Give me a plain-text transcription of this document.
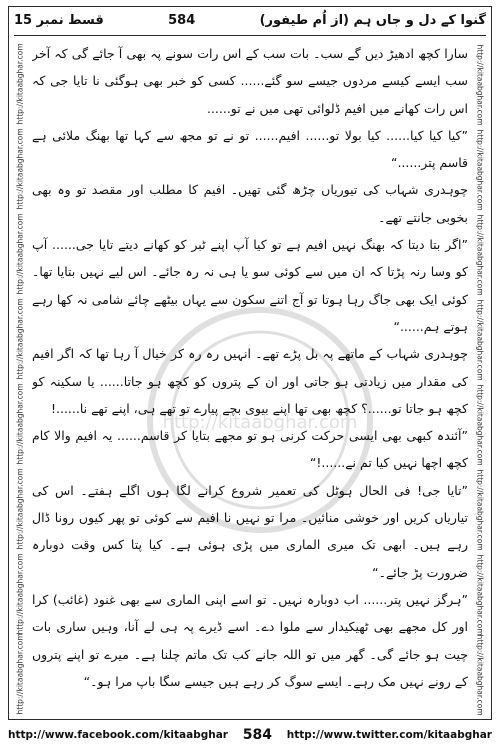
قسط نمبر 15	584	گنوا کے دل و جاں ہم (از اُم طیفور)

سارا کچھ ادھیڑ دیں گے سب۔ بات سب کے اس رات سونے پہ بھی آ جائے گی کہ آخر سب ایسے کیسے مردوں جیسے سو گئے...... کسی کو خبر بھی ہوگئی نا تایا جی کہ اس رات کھانے میں افیم ڈلوائی تھی میں نے تو......

”کیا کیا کیا...... کیا بولا تو...... افیم...... تو نے تو مجھ سے کہا تھا بھنگ ملائی ہے قاسم پتر......“

چوہدری شہاب کی تیوریاں چڑھ گئی تھیں۔ افیم کا مطلب اور مقصد تو وہ بھی بخوبی جانتے تھے۔

”اگر بتا دیتا کہ بھنگ نہیں افیم ہے تو کیا آپ اپنے ٹبر کو کھانے دیتے تایا جی...... آپ کو وسا رنہ پڑتا کہ ان میں سے کوئی سو یا ہی نہ رہ جائے۔ اس لیے نہیں بتایا تھا۔ کوئی ایک بھی جاگ رہا ہوتا تو آج اتنے سکون سے یہاں بیٹھے چائے شامی نہ کھا رہے ہوتے ہم......“

چوہدری شہاب کے ماتھے پہ بل پڑے تھے۔ انہیں رہ رہ کر خیال آ رہا تھا کہ اگر افیم کی مقدار میں زیادتی ہو جاتی اور ان کے پتروں کو کچھ ہو جاتا...... یا سکینہ کو کچھ ہو جاتا تو......؟ کچھ بھی تھا اپنے بیوی بچے پیارے تو تھے ہی، اپنے تھے نا......!

”آئندہ کبھی بھی ایسی حرکت کرنی ہو تو مجھے بتایا کر قاسم...... یہ افیم والا کام کچھ اچھا نہیں کیا تم نے......!“

”تایا جی! فی الحال ہوٹل کی تعمیر شروع کرانے لگا ہوں اگلے ہفتے۔ اس کی تیاریاں کریں اور خوشی منائیں۔ مرا تو نہیں نا افیم سے کوئی تو پھر کیوں رونا ڈال رہے ہیں۔ ابھی تک میری الماری میں پڑی ہوئی ہے۔ کیا پتا کس وقت دوبارہ ضرورت پڑ جائے۔“

”ہرگز نہیں پتر...... اب دوبارہ نہیں۔ تو اسے اپنی الماری سے بھی غنود (غائب) کرا اور کل مجھے بھی ٹھیکیدار سے ملوا دے۔ اسے ڈیرے پہ ہی لے آنا، وہیں ساری بات چیت ہو جائے گی۔ گھر میں تو اللہ جانے کب تک ماتم چلنا ہے۔ میرے تو اپنے پتروں کے رونے نہیں مک رہے۔ ایسے سوگ کر رہے ہیں جیسے سگا باپ مرا ہو۔“

http://kitaabghar.com
http://kitaabghar.com
http://kitaabghar.com
http://kitaabghar.com
http://kitaabghar.com
http://kitaabghar.com
http://kitaabghar.com
http://kitaabghar.com
http://kitaabghar.com
http://kitaabghar.com
http://kitaabghar.com
http://kitaabghar.com
http://kitaabghar.com
http://kitaabghar.com
http://kitaabghar.com
http://kitaabghar.com
http://kitaabghar.com
http://www.facebook.com/kitaabghar 584 http://www.twitter.com/kitaabghar
